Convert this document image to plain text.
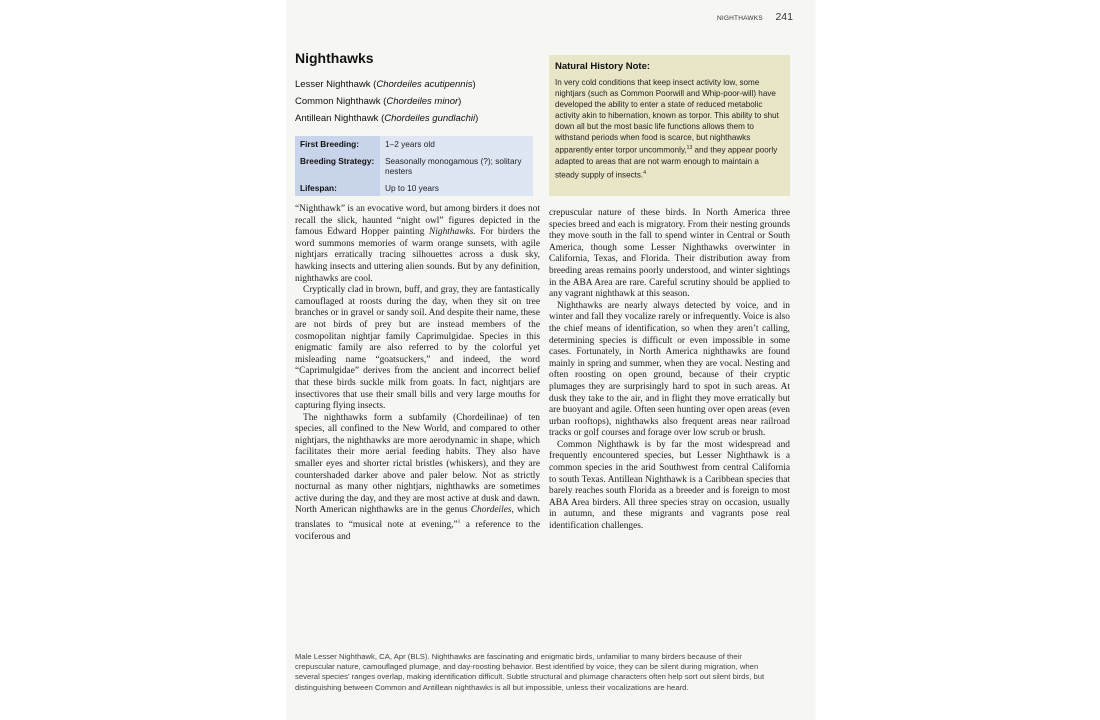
NIGHTHAWKS 241
Nighthawks
Lesser Nighthawk (Chordeiles acutipennis)
Common Nighthawk (Chordeiles minor)
Antillean Nighthawk (Chordeiles gundlachii)
First Breeding:	1–2 years old
Breeding Strategy:	Seasonally monogamous (?); solitary nesters
Lifespan:	Up to 10 years

“Nighthawk” is an evocative word, but among birders it does not recall the slick, haunted “night owl” figures depicted in the famous Edward Hopper painting Nighthawks. For birders the word summons memories of warm orange sunsets, with agile nightjars erratically tracing silhouettes across a dusk sky, hawking insects and uttering alien sounds. But by any definition, nighthawks are cool.

Cryptically clad in brown, buff, and gray, they are fantastically camouflaged at roosts during the day, when they sit on tree branches or in gravel or sandy soil. And despite their name, these are not birds of prey but are instead members of the cosmopolitan nightjar family Caprimulgidae. Species in this enigmatic family are also referred to by the colorful yet misleading name “goatsuckers,” and indeed, the word “Caprimulgidae” derives from the ancient and incorrect belief that these birds suckle milk from goats. In fact, nightjars are insectivores that use their small bills and very large mouths for capturing flying insects.

The nighthawks form a subfamily (Chordeilinae) of ten species, all confined to the New World, and compared to other nightjars, the nighthawks are more aerodynamic in shape, which facilitates their more aerial feeding habits. They also have smaller eyes and shorter rictal bristles (whiskers), and they are countershaded darker above and paler below. Not as strictly nocturnal as many other nightjars, nighthawks are sometimes active during the day, and they are most active at dusk and dawn. North American nighthawks are in the genus Chordeiles, which translates to “musical note at evening,”$^1$ a reference to the vociferous and

Natural History Note:
In very cold conditions that keep insect activity low, some nightjars (such as Common Poorwill and Whip-poor-will) have developed the ability to enter a state of reduced metabolic activity akin to hibernation, known as torpor. This ability to shut down all but the most basic life functions allows them to withstand periods when food is scarce, but nighthawks apparently enter torpor uncommonly,$^{13}$ and they appear poorly adapted to areas that are not warm enough to maintain a steady supply of insects.$^4$

crepuscular nature of these birds. In North America three species breed and each is migratory. From their nesting grounds they move south in the fall to spend winter in Central or South America, though some Lesser Nighthawks overwinter in California, Texas, and Florida. Their distribution away from breeding areas remains poorly understood, and winter sightings in the ABA Area are rare. Careful scrutiny should be applied to any vagrant nighthawk at this season.

Nighthawks are nearly always detected by voice, and in winter and fall they vocalize rarely or infrequently. Voice is also the chief means of identification, so when they aren’t calling, determining species is difficult or even impossible in some cases. Fortunately, in North America nighthawks are found mainly in spring and summer, when they are vocal. Nesting and often roosting on open ground, because of their cryptic plumages they are surprisingly hard to spot in such areas. At dusk they take to the air, and in flight they move erratically but are buoyant and agile. Often seen hunting over open areas (even urban rooftops), nighthawks also frequent areas near railroad tracks or golf courses and forage over low scrub or brush.

Common Nighthawk is by far the most widespread and frequently encountered species, but Lesser Nighthawk is a common species in the arid Southwest from central California to south Texas. Antillean Nighthawk is a Caribbean species that barely reaches south Florida as a breeder and is foreign to most ABA Area birders. All three species stray on occasion, usually in autumn, and these migrants and vagrants pose real identification challenges.

Male Lesser Nighthawk, CA, Apr (BLS). Nighthawks are fascinating and enigmatic birds, unfamiliar to many birders because of their crepuscular nature, camouflaged plumage, and day-roosting behavior. Best identified by voice, they can be silent during migration, when several species’ ranges overlap, making identification difficult. Subtle structural and plumage characters often help sort out silent birds, but distinguishing between Common and Antillean nighthawks is all but impossible, unless their vocalizations are heard.
